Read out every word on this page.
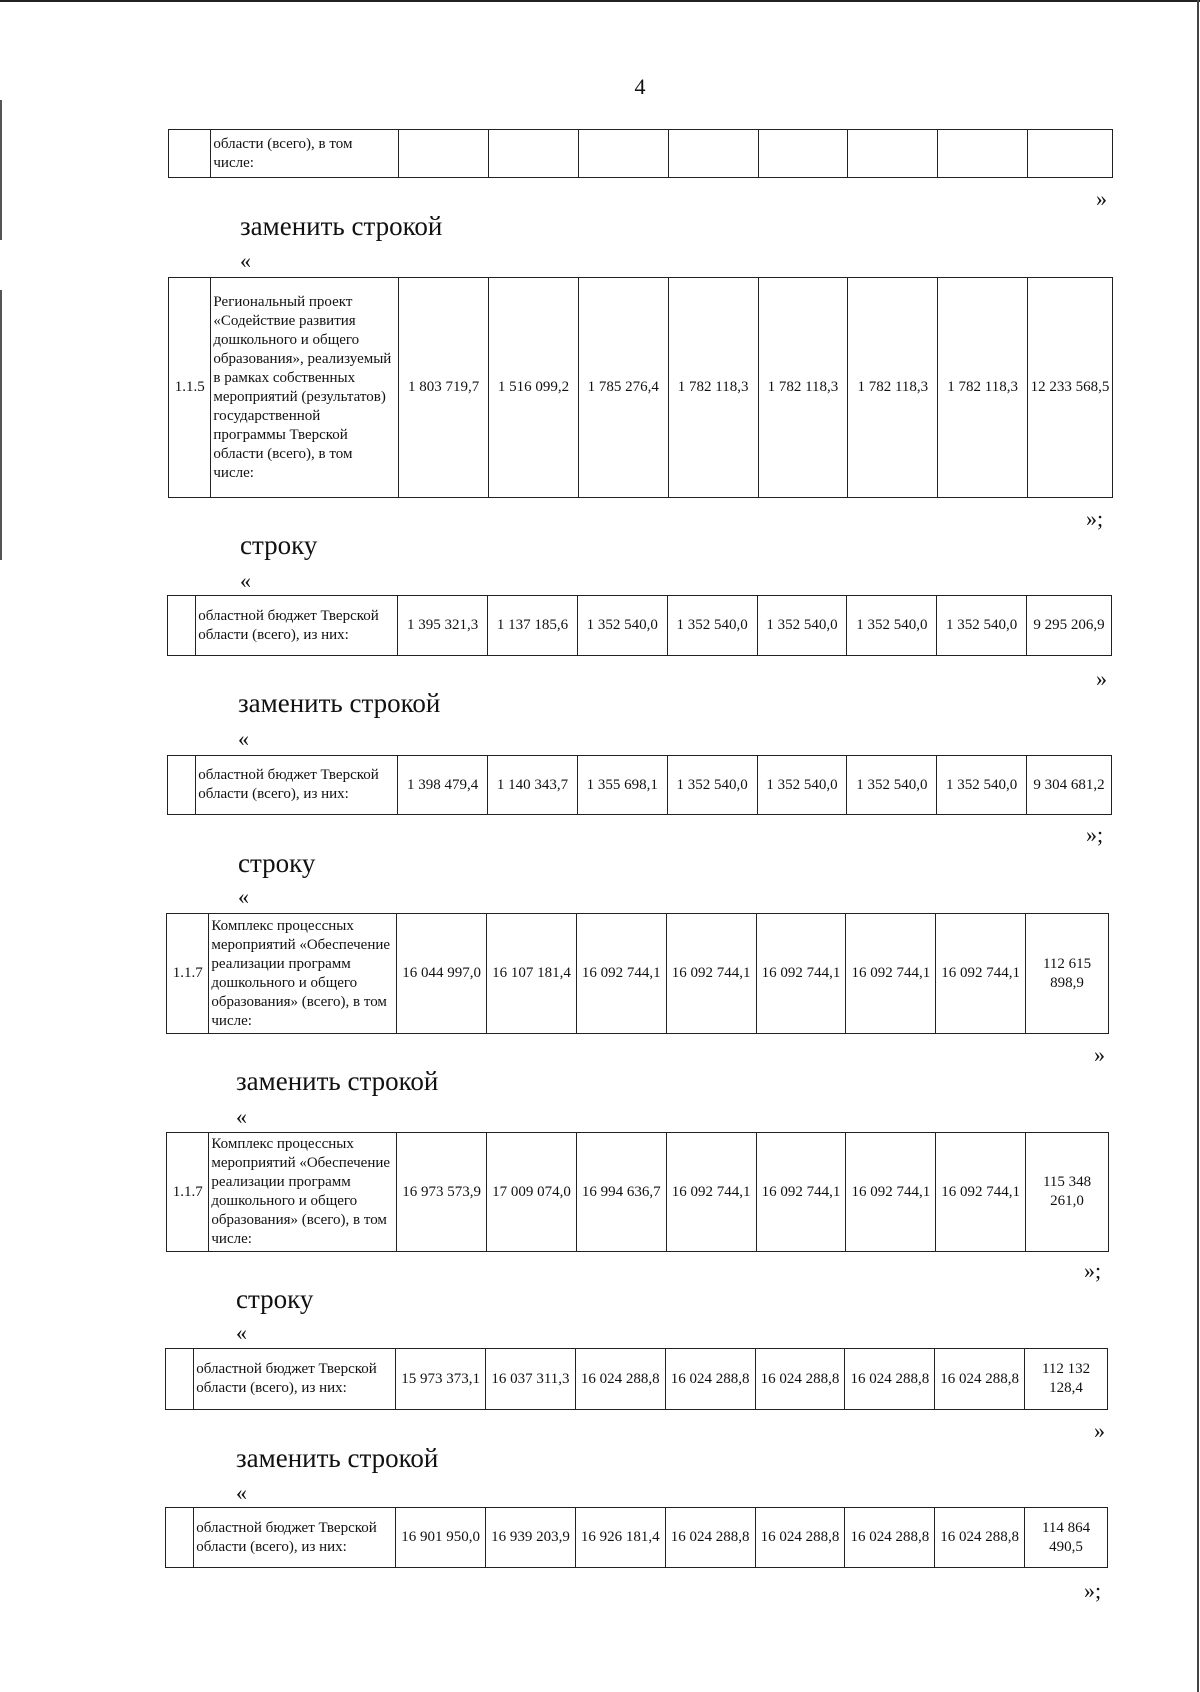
4
	области (всего), в том числе:								
»
заменить строкой
«
1.1.5	Региональный проект «Содействие развития дошкольного и общего образования», реализуемый в рамках собственных мероприятий (результатов) государственной программы Тверской области (всего), в том числе:	1 803 719,7	1 516 099,2	1 785 276,4	1 782 118,3	1 782 118,3	1 782 118,3	1 782 118,3	12 233 568,5
»;
строку
«
	областной бюджет Тверской области (всего), из них:	1 395 321,3	1 137 185,6	1 352 540,0	1 352 540,0	1 352 540,0	1 352 540,0	1 352 540,0	9 295 206,9
»
заменить строкой
«
	областной бюджет Тверской области (всего), из них:	1 398 479,4	1 140 343,7	1 355 698,1	1 352 540,0	1 352 540,0	1 352 540,0	1 352 540,0	9 304 681,2
»;
строку
«
1.1.7	Комплекс процессных мероприятий «Обеспечение реализации программ дошкольного и общего образования» (всего), в том числе:	16 044 997,0	16 107 181,4	16 092 744,1	16 092 744,1	16 092 744,1	16 092 744,1	16 092 744,1	112 615 898,9
»
заменить строкой
«
1.1.7	Комплекс процессных мероприятий «Обеспечение реализации программ дошкольного и общего образования» (всего), в том числе:	16 973 573,9	17 009 074,0	16 994 636,7	16 092 744,1	16 092 744,1	16 092 744,1	16 092 744,1	115 348 261,0
»;
строку
«
	областной бюджет Тверской области (всего), из них:	15 973 373,1	16 037 311,3	16 024 288,8	16 024 288,8	16 024 288,8	16 024 288,8	16 024 288,8	112 132 128,4
»
заменить строкой
«
	областной бюджет Тверской области (всего), из них:	16 901 950,0	16 939 203,9	16 926 181,4	16 024 288,8	16 024 288,8	16 024 288,8	16 024 288,8	114 864 490,5
»;
